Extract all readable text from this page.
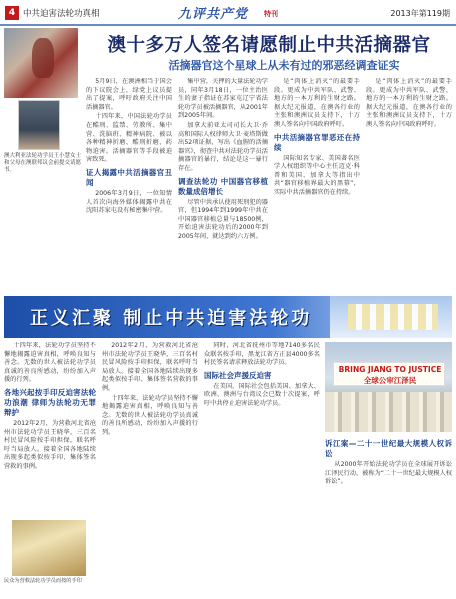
4 中共迫害法轮功真相	九评共产党 特刊	2013年第119期
澳十多万人签名请愿制止中共活摘器官
活摘器官这个星球上从未有过的邪恶经调查证实
澳大利亚法轮功学员王小慧女士和父母在澳联邦议会前提交请愿书。

5月9日，在澳洲相当于国会的下议院会上，绿党上议员提出了提案，呼吁政府关注中国活摘器官。

十四年来，中国法轮功学员在酷刑、监禁、劳教所、集中营、洗脑班、精神病院、被以各种精神折磨、酷刑折磨、药物迫害。活摘器官等手段被迫害致死。

证人揭露中共活摘器官丑闻

2006年3月9日，一位知情人首次向海外媒体揭露中共在沈阳苏家屯设有秘密集中营。

集中营，关押的大量法轮功学员，同年3月18日，一位主治医生的妻子指证在苏家屯辽宁省法轮功学员被活摘器官，从2001年到2005年间。

加拿大前亚太司司长大卫·乔高和国际人权律师大卫·麦塔斯做出52项证据，写出《血腥的活摘器官》，彻查中共对法轮功学员活摘器官的暴行，结论是这一暴行存在。

调查法轮功 中国器官移植数量成倍增长

尽管中共承认使用死刑犯的器官，但1994年到1999年中共在中国器官移植总量与18500例，开始迫害法轮功后的2000年到2005年间，就达到约六万例。

是“肉体上消灭”的最要手段。更成为中共军队、武警、地方的一本万利的生财之路。据大纪元报道，在澳各行业的主张和澳洲议员支持下，十万澳人签名向中国政府呼吁。

中共活摘器官罪恶还在持续

国际知名专家、美国著名医学人权组织等中心主任迈克·科普和美国、加拿大等指出中共“器官移植界最大的黑幕”，实际中共活摘器官仍在持续。

是“肉体上消灭”的最要手段。更成为中共军队、武警、地方的一本万利的生财之路。据大纪元报道，在澳各行业的主张和澳洲议员支持下，十万澳人签名向中国政府呼吁。

正义汇聚 制止中共迫害法轮功

十四年来，法轮功学员坚持不懈地揭露迫害真相，呼唤良知与善念。无数的世人被法轮功学员真诚的善良所感动，纷纷加入声援的行列。

各地兴起按手印反迫害法轮功浪潮 律师为法轮功无罪辩护

2012年2月，为营救河北省沧州市法轮功学员王晓华，三百名村民冒风险按手印担保，联名呼吁当局放人。接着全国各地陆续出现多起类似按手印、集体签名营救的事例。

2012年2月，为营救河北省沧州市法轮功学员王晓华，三百名村民冒风险按手印担保，联名呼吁当局放人。接着全国各地陆续出现多起类似按手印、集体签名营救的事例。

十四年来，法轮功学员坚持不懈地揭露迫害真相，呼唤良知与善念。无数的世人被法轮功学员真诚的善良所感动，纷纷加入声援的行列。

同时，河北省抚州市等地7140多名民众联名按手印，黑龙江省方正县4000多名村民签名请求释放法轮功学员。

国际社会声援反迫害

在美国，国际社会包括美国、加拿大、欧洲、澳洲与台湾议会已数十次提案，呼吁中共停止迫害法轮功学员。

BRING JIANG TO JUSTICE
全球公审江泽民
诉江案—二十一世纪最大规模人权诉讼

从2000年开始法轮功学员在全球展开诉讼江泽民行动，被称为“二十一世纪最大规模人权诉讼”。

民众为营救法轮功学员而按的手印
